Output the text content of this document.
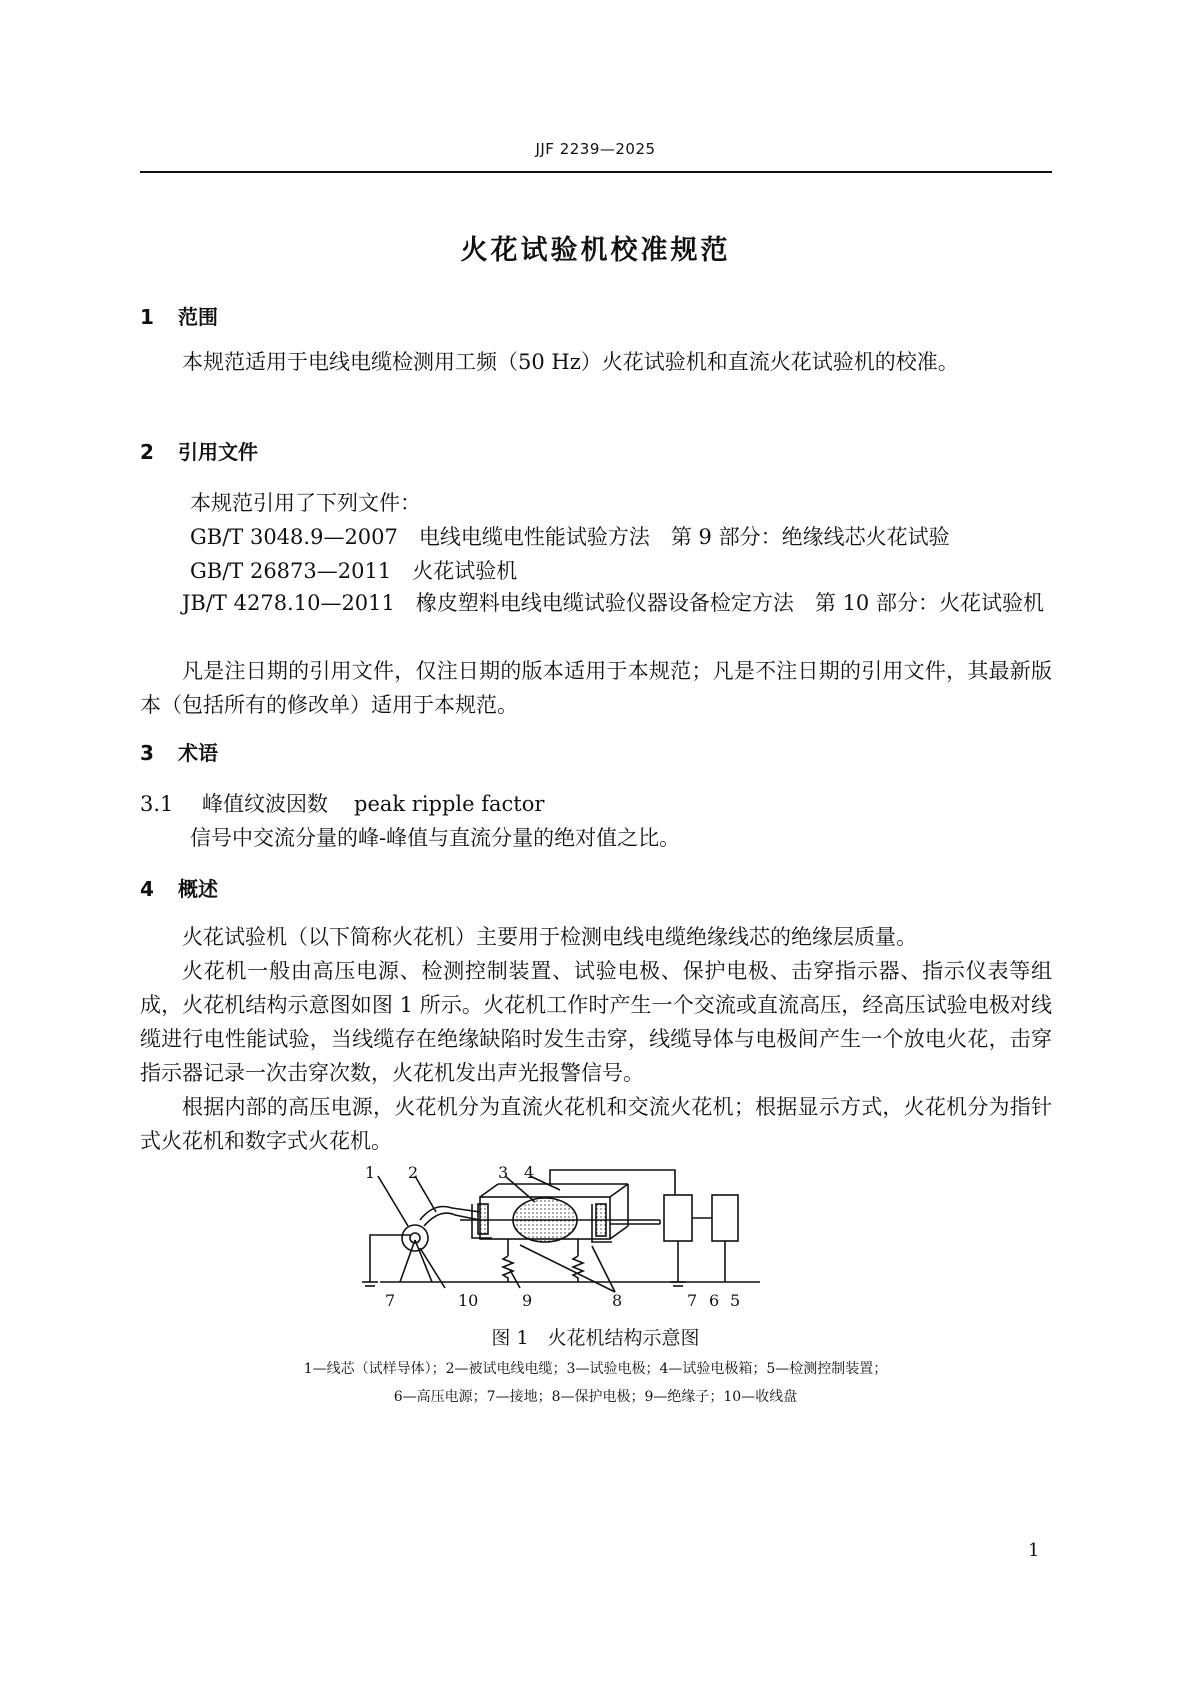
JJF 2239—2025
火花试验机校准规范
1 范围
本规范适用于电线电缆检测用工频（50 Hz）火花试验机和直流火花试验机的校准。
2 引用文件
本规范引用了下列文件：
GB/T 3048.9—2007　电线电缆电性能试验方法　第 9 部分：绝缘线芯火花试验
GB/T 26873—2011　火花试验机
JB/T 4278.10—2011　橡皮塑料电线电缆试验仪器设备检定方法　第 10 部分：火花试验机
凡是注日期的引用文件，仅注日期的版本适用于本规范；凡是不注日期的引用文件，其最新版本（包括所有的修改单）适用于本规范。
3 术语
3.1 峰值纹波因数 peak ripple factor
信号中交流分量的峰-峰值与直流分量的绝对值之比。
4 概述
火花试验机（以下简称火花机）主要用于检测电线电缆绝缘线芯的绝缘层质量。
火花机一般由高压电源、检测控制装置、试验电极、保护电极、击穿指示器、指示仪表等组成，火花机结构示意图如图 1 所示。火花机工作时产生一个交流或直流高压，经高压试验电极对线缆进行电性能试验，当线缆存在绝缘缺陷时发生击穿，线缆导体与电极间产生一个放电火花，击穿指示器记录一次击穿次数，火花机发出声光报警信号。
根据内部的高压电源，火花机分为直流火花机和交流火花机；根据显示方式，火花机分为指针式火花机和数字式火花机。
1 2	3 4
7	10	9	8	7 6 5
图 1　火花机结构示意图
1—线芯（试样导体）；2—被试电线电缆；3—试验电极；4—试验电极箱；5—检测控制装置；
6—高压电源；7—接地；8—保护电极；9—绝缘子；10—收线盘
1
